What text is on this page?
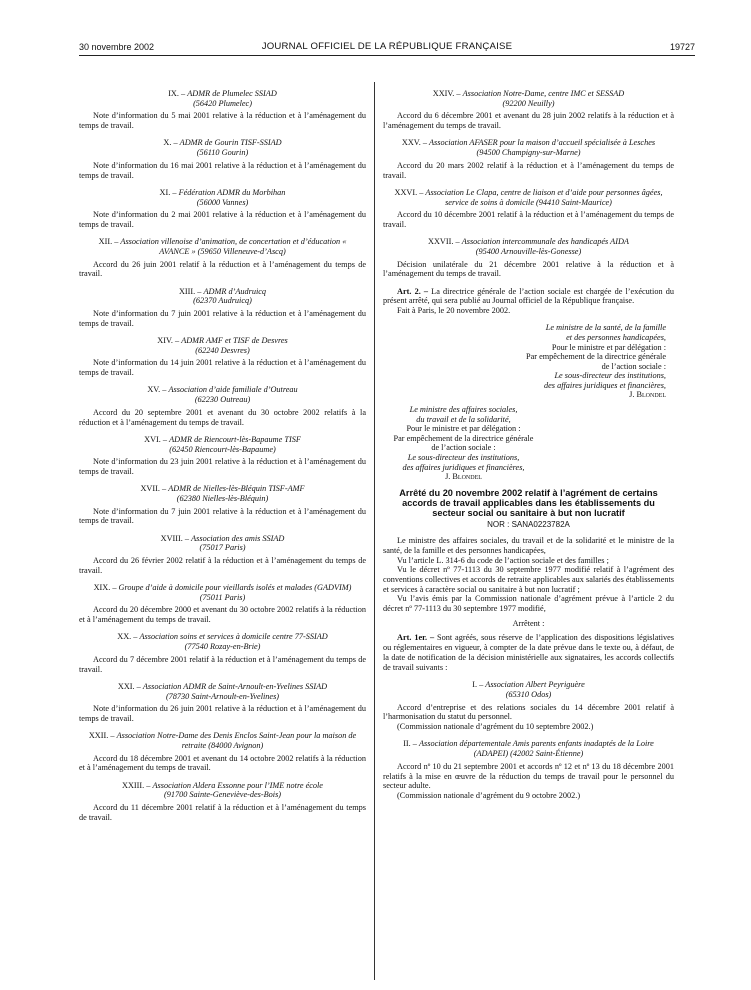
30 novembre 2002	JOURNAL OFFICIEL DE LA RÉPUBLIQUE FRANÇAISE	19727
IX. – ADMR de Plumelec SSIAD
(56420 Plumelec)
Note d’information du 5 mai 2001 relative à la réduction et à l’aménagement du temps de travail.
X. – ADMR de Gourin TISF-SSIAD
(56110 Gourin)
Note d’information du 16 mai 2001 relative à la réduction et à l’aménagement du temps de travail.
XI. – Fédération ADMR du Morbihan
(56000 Vannes)
Note d’information du 2 mai 2001 relative à la réduction et à l’aménagement du temps de travail.
XII. – Association villenoise d’animation, de concertation et d’éducation « AVANCE » (59650 Villeneuve-d’Ascq)
Accord du 26 juin 2001 relatif à la réduction et à l’aménagement du temps de travail.
XIII. – ADMR d’Audruicq
(62370 Audruicq)
Note d’information du 7 juin 2001 relative à la réduction et à l’aménagement du temps de travail.
XIV. – ADMR AMF et TISF de Desvres
(62240 Desvres)
Note d’information du 14 juin 2001 relative à la réduction et à l’aménagement du temps de travail.
XV. – Association d’aide familiale d’Outreau
(62230 Outreau)
Accord du 20 septembre 2001 et avenant du 30 octobre 2002 relatifs à la réduction et à l’aménagement du temps de travail.
XVI. – ADMR de Riencourt-lès-Bapaume TISF
(62450 Riencourt-lès-Bapaume)
Note d’information du 23 juin 2001 relative à la réduction et à l’aménagement du temps de travail.
XVII. – ADMR de Nielles-lès-Bléquin TISF-AMF
(62380 Nielles-lès-Bléquin)
Note d’information du 7 juin 2001 relative à la réduction et à l’aménagement du temps de travail.
XVIII. – Association des amis SSIAD
(75017 Paris)
Accord du 26 février 2002 relatif à la réduction et à l’aménagement du temps de travail.
XIX. – Groupe d’aide à domicile pour vieillards isolés et malades (GADVIM) (75011 Paris)
Accord du 20 décembre 2000 et avenant du 30 octobre 2002 relatifs à la réduction et à l’aménagement du temps de travail.
XX. – Association soins et services à domicile centre 77-SSIAD
(77540 Rozay-en-Brie)
Accord du 7 décembre 2001 relatif à la réduction et à l’aménagement du temps de travail.
XXI. – Association ADMR de Saint-Arnoult-en-Yvelines SSIAD
(78730 Saint-Arnoult-en-Yvelines)
Note d’information du 26 juin 2001 relative à la réduction et à l’aménagement du temps de travail.
XXII. – Association Notre-Dame des Denis Enclos Saint-Jean pour la maison de retraite (84000 Avignon)
Accord du 18 décembre 2001 et avenant du 14 octobre 2002 relatifs à la réduction et à l’aménagement du temps de travail.
XXIII. – Association Aldera Essonne pour l’IME notre école
(91700 Sainte-Geneviève-des-Bois)
Accord du 11 décembre 2001 relatif à la réduction et à l’aménagement du temps de travail.
XXIV. – Association Notre-Dame, centre IMC et SESSAD
(92200 Neuilly)
Accord du 6 décembre 2001 et avenant du 28 juin 2002 relatifs à la réduction et à l’aménagement du temps de travail.
XXV. – Association AFASER pour la maison d’accueil spécialisée à Lesches (94500 Champigny-sur-Marne)
Accord du 20 mars 2002 relatif à la réduction et à l’aménagement du temps de travail.
XXVI. – Association Le Clapa, centre de liaison et d’aide pour personnes âgées, service de soins à domicile (94410 Saint-Maurice)
Accord du 10 décembre 2001 relatif à la réduction et à l’aménagement du temps de travail.
XXVII. – Association intercommunale des handicapés AIDA
(95400 Arnouville-lès-Gonesse)
Décision unilatérale du 21 décembre 2001 relative à la réduction et à l’aménagement du temps de travail.
Art. 2. – La directrice générale de l’action sociale est chargée de l’exécution du présent arrêté, qui sera publié au Journal officiel de la République française.
Fait à Paris, le 20 novembre 2002.
Le ministre de la santé, de la famille
et des personnes handicapées,
Pour le ministre et par délégation :
Par empêchement de la directrice générale
de l’action sociale :
Le sous-directeur des institutions,
des affaires juridiques et financières,
J. Blondel
Le ministre des affaires sociales,
du travail et de la solidarité,
Pour le ministre et par délégation :
Par empêchement de la directrice générale
de l’action sociale :
Le sous-directeur des institutions,
des affaires juridiques et financières,
J. Blondel
Arrêté du 20 novembre 2002 relatif à l’agrément de certains accords de travail applicables dans les établissements du secteur social ou sanitaire à but non lucratif
NOR : SANA0223782A
Le ministre des affaires sociales, du travail et de la solidarité et le ministre de la santé, de la famille et des personnes handicapées,
Vu l’article L. 314-6 du code de l’action sociale et des familles ;
Vu le décret nº 77-1113 du 30 septembre 1977 modifié relatif à l’agrément des conventions collectives et accords de retraite applicables aux salariés des établissements et services à caractère social ou sanitaire à but non lucratif ;
Vu l’avis émis par la Commission nationale d’agrément prévue à l’article 2 du décret nº 77-1113 du 30 septembre 1977 modifié,
Arrêtent :
Art. 1er. – Sont agréés, sous réserve de l’application des dispositions législatives ou réglementaires en vigueur, à compter de la date prévue dans le texte ou, à défaut, de la date de notification de la décision ministérielle aux signataires, les accords collectifs de travail suivants :
I. – Association Albert Peyriguère
(65310 Odos)
Accord d’entreprise et des relations sociales du 14 décembre 2001 relatif à l’harmonisation du statut du personnel.
(Commission nationale d’agrément du 10 septembre 2002.)
II. – Association départementale Amis parents enfants inadaptés de la Loire (ADAPEI) (42002 Saint-Étienne)
Accord nº 10 du 21 septembre 2001 et accords nº 12 et nº 13 du 18 décembre 2001 relatifs à la mise en œuvre de la réduction du temps de travail pour le personnel du secteur adulte.
(Commission nationale d’agrément du 9 octobre 2002.)
